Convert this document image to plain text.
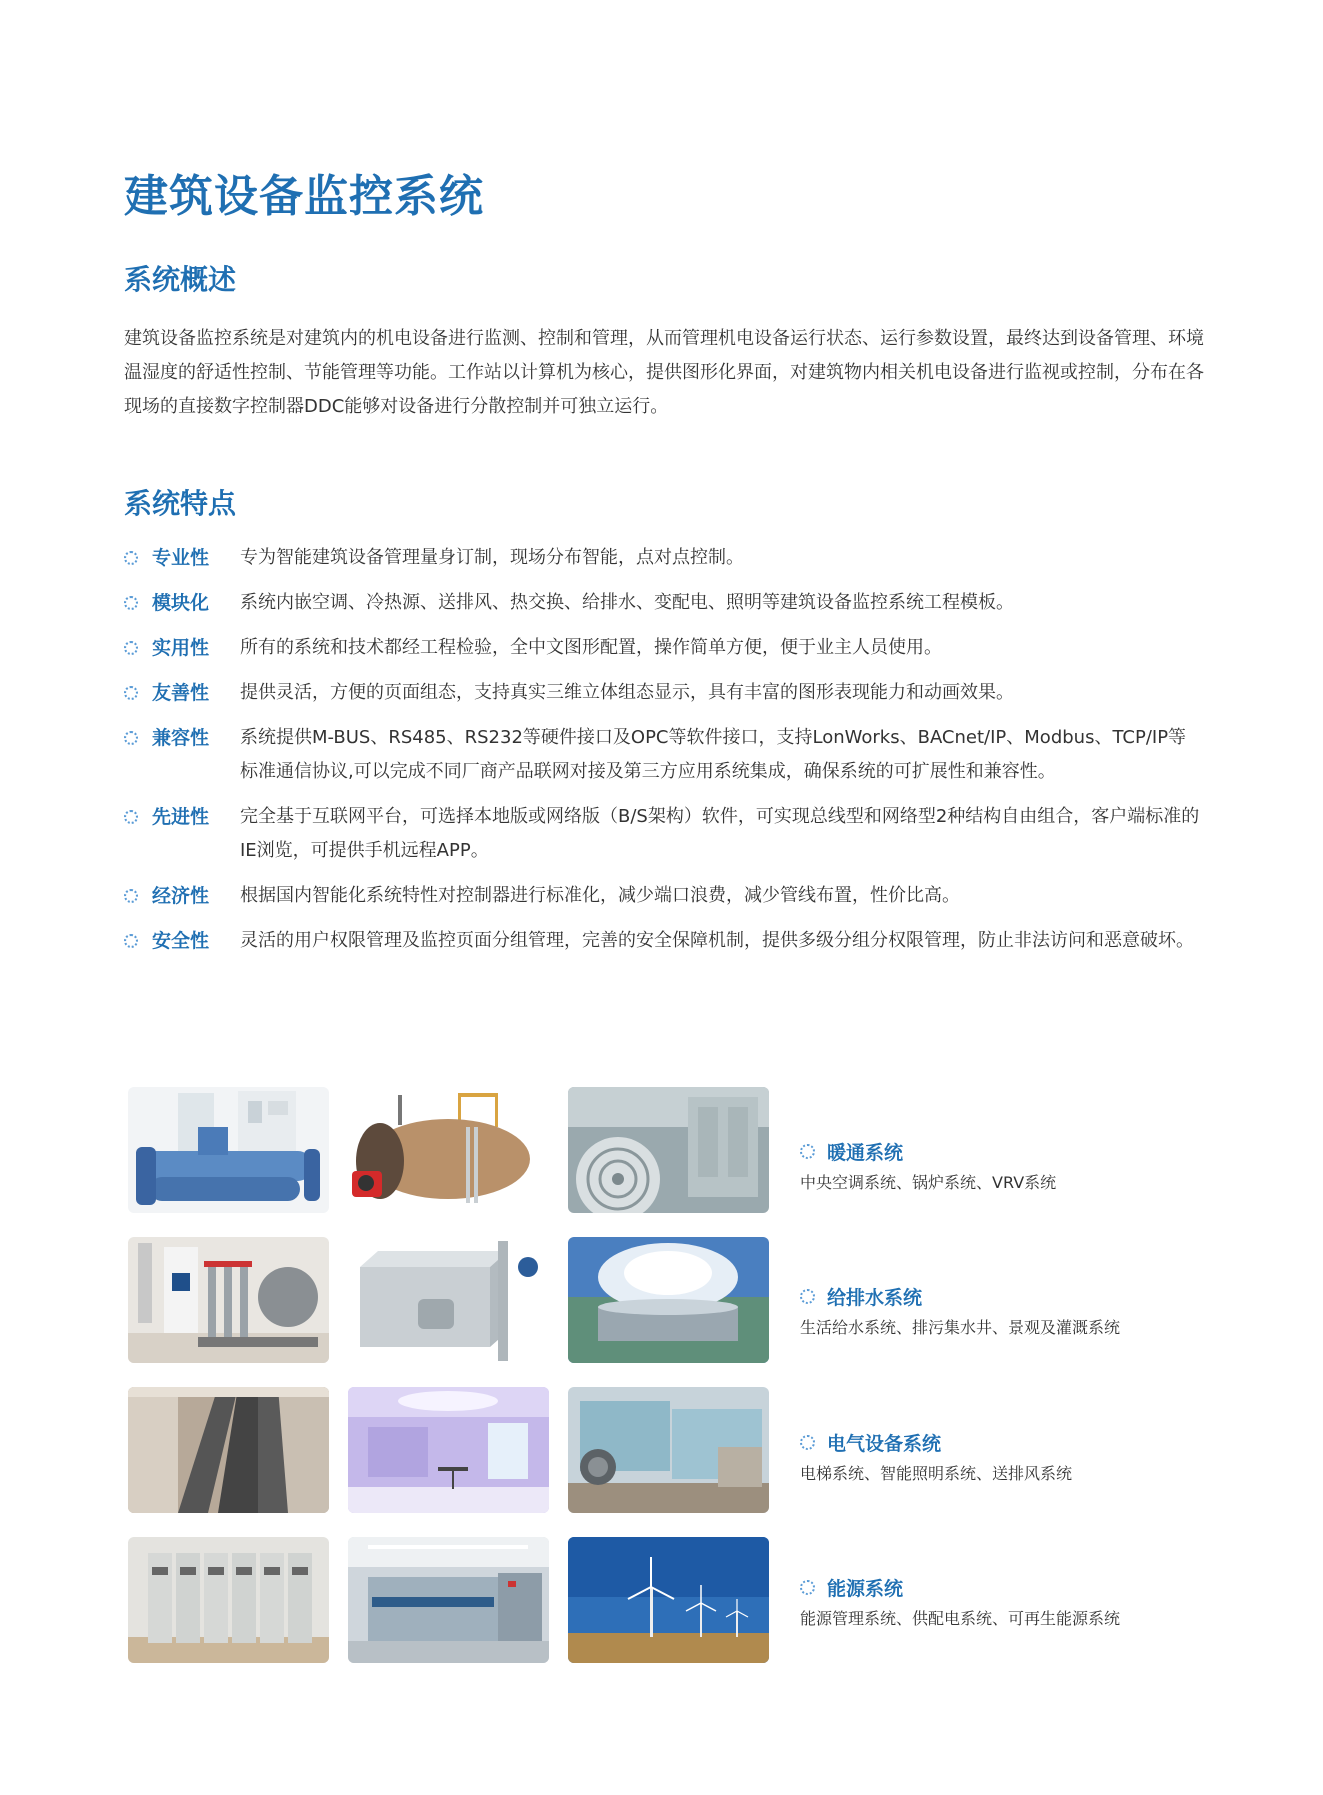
建筑设备监控系统
系统概述

建筑设备监控系统是对建筑内的机电设备进行监测、控制和管理，从而管理机电设备运行状态、运行参数设置，最终达到设备管理、环境温湿度的舒适性控制、节能管理等功能。工作站以计算机为核心，提供图形化界面，对建筑物内相关机电设备进行监视或控制，分布在各现场的直接数字控制器DDC能够对设备进行分散控制并可独立运行。

系统特点
专业性	专为智能建筑设备管理量身订制，现场分布智能，点对点控制。
模块化	系统内嵌空调、冷热源、送排风、热交换、给排水、变配电、照明等建筑设备监控系统工程模板。
实用性	所有的系统和技术都经工程检验，全中文图形配置，操作简单方便，便于业主人员使用。
友善性	提供灵活，方便的页面组态，支持真实三维立体组态显示，具有丰富的图形表现能力和动画效果。
兼容性	系统提供M-BUS、RS485、RS232等硬件接口及OPC等软件接口，支持LonWorks、BACnet/IP、Modbus、TCP/IP等标准通信协议,可以完成不同厂商产品联网对接及第三方应用系统集成，确保系统的可扩展性和兼容性。
先进性	完全基于互联网平台，可选择本地版或网络版（B/S架构）软件，可实现总线型和网络型2种结构自由组合，客户端标准的IE浏览，可提供手机远程APP。
经济性	根据国内智能化系统特性对控制器进行标准化，减少端口浪费，减少管线布置，性价比高。
安全性	灵活的用户权限管理及监控页面分组管理，完善的安全保障机制，提供多级分组分权限管理，防止非法访问和恶意破坏。
暖通系统
中央空调系统、锅炉系统、VRV系统
给排水系统
生活给水系统、排污集水井、景观及灌溉系统
电气设备系统
电梯系统、智能照明系统、送排风系统
能源系统
能源管理系统、供配电系统、可再生能源系统
